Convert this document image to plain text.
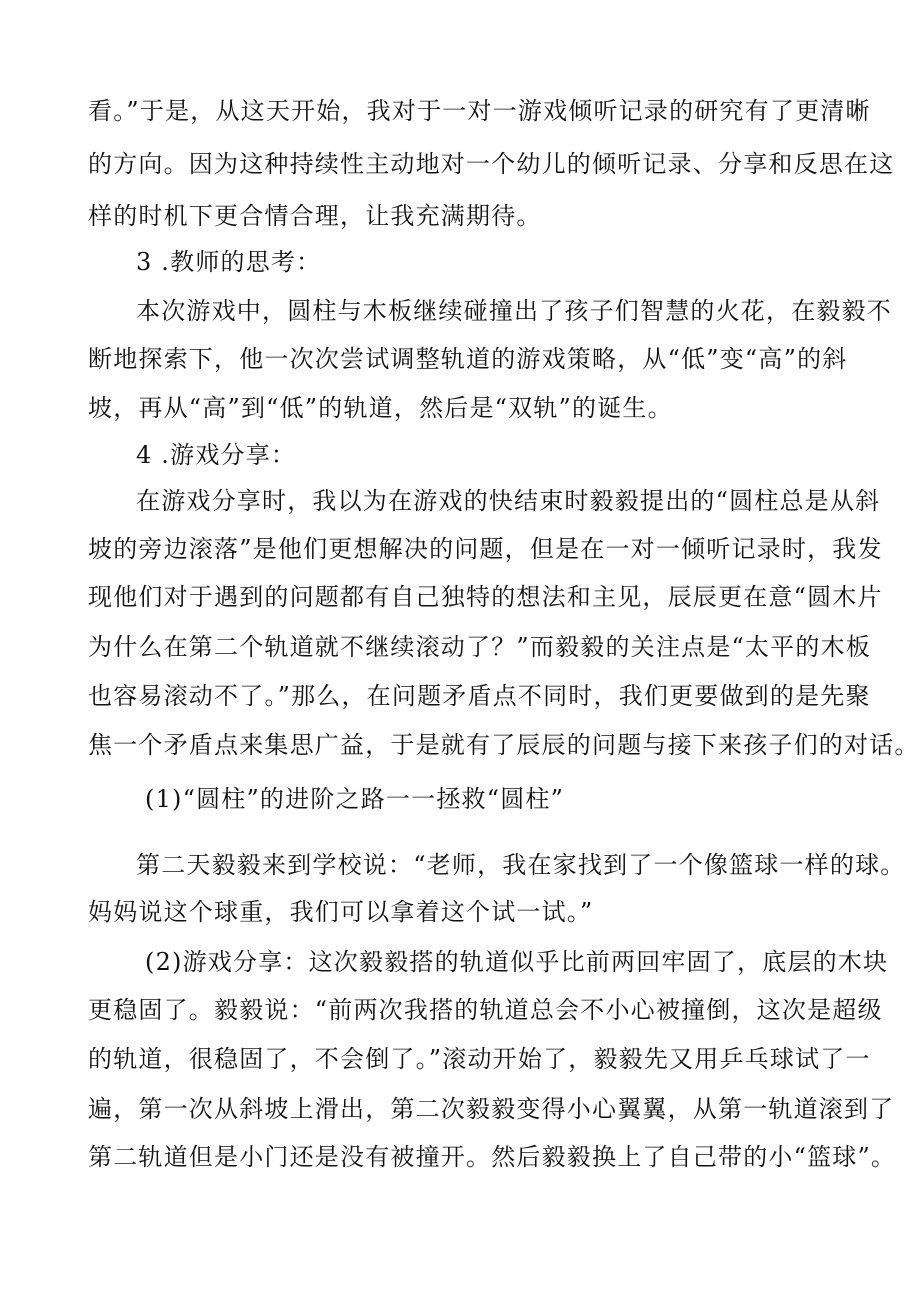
看。”于是，从这天开始，我对于一对一游戏倾听记录的研究有了更清晰
的方向。因为这种持续性主动地对一个幼儿的倾听记录、分享和反思在这
样的时机下更合情合理，让我充满期待。
3 .教师的思考：
本次游戏中，圆柱与木板继续碰撞出了孩子们智慧的火花，在毅毅不
断地探索下，他一次次尝试调整轨道的游戏策略，从“低”变“高”的斜
坡，再从“高”到“低”的轨道，然后是“双轨”的诞生。
4 .游戏分享：
在游戏分享时，我以为在游戏的快结束时毅毅提出的“圆柱总是从斜
坡的旁边滚落”是他们更想解决的问题，但是在一对一倾听记录时，我发
现他们对于遇到的问题都有自己独特的想法和主见，辰辰更在意“圆木片
为什么在第二个轨道就不继续滚动了？”而毅毅的关注点是“太平的木板
也容易滚动不了。”那么，在问题矛盾点不同时，我们更要做到的是先聚
焦一个矛盾点来集思广益，于是就有了辰辰的问题与接下来孩子们的对话。
(1)“圆柱”的进阶之路一一拯救“圆柱”
第二天毅毅来到学校说：“老师，我在家找到了一个像篮球一样的球。
妈妈说这个球重，我们可以拿着这个试一试。”
(2)游戏分享：这次毅毅搭的轨道似乎比前两回牢固了，底层的木块
更稳固了。毅毅说：“前两次我搭的轨道总会不小心被撞倒，这次是超级
的轨道，很稳固了，不会倒了。”滚动开始了，毅毅先又用乒乓球试了一
遍，第一次从斜坡上滑出，第二次毅毅变得小心翼翼，从第一轨道滚到了
第二轨道但是小门还是没有被撞开。然后毅毅换上了自己带的小“篮球”。
